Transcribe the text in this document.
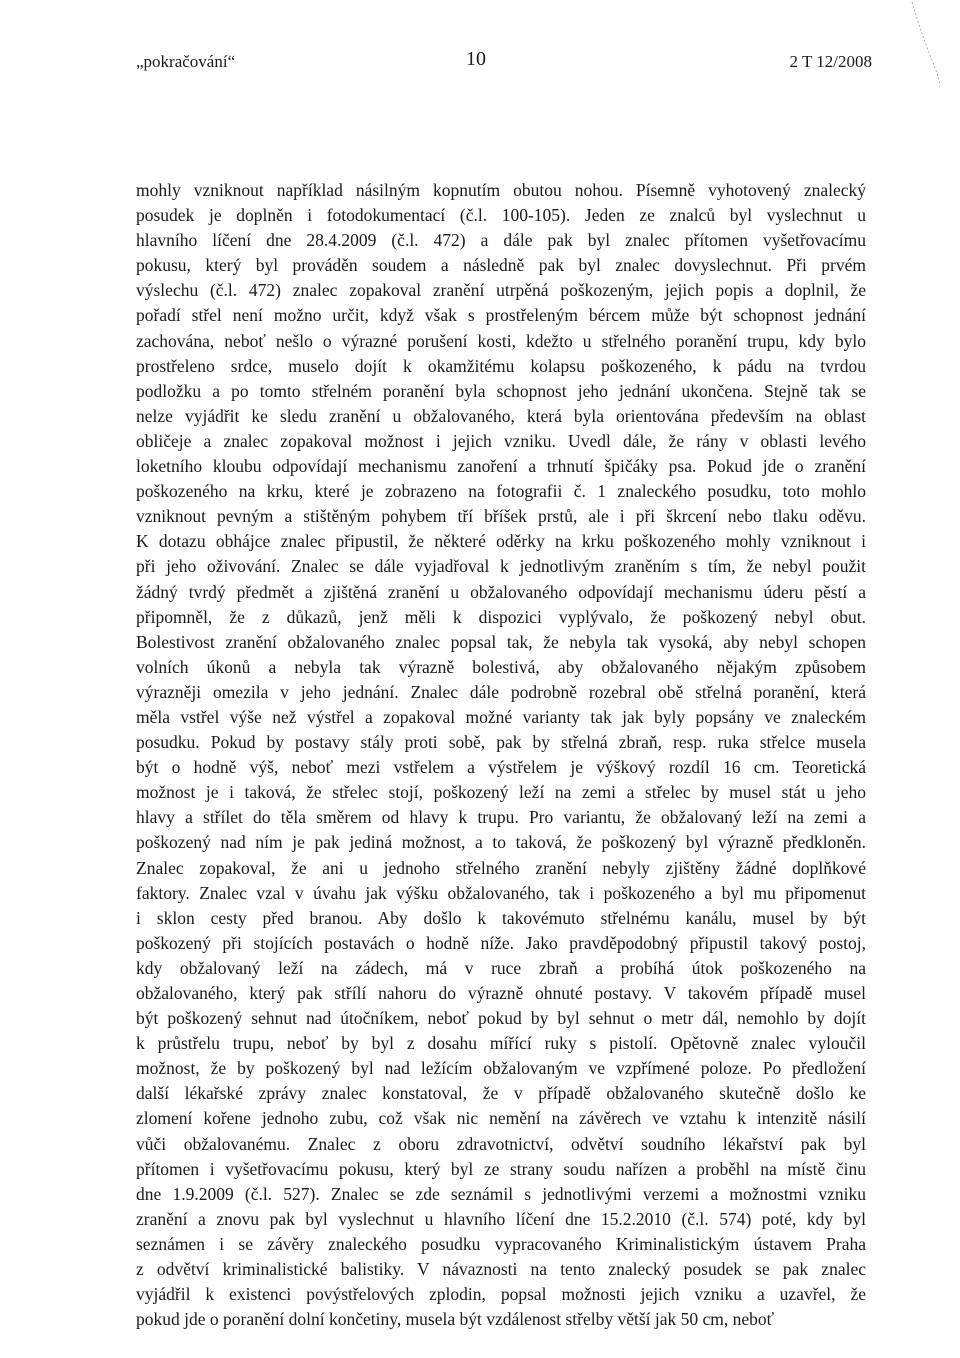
„pokračování“	10	2 T 12/2008
mohly vzniknout například násilným kopnutím obutou nohou. Písemně vyhotovený znalecký
posudek je doplněn i fotodokumentací (č.l. 100-105). Jeden ze znalců byl vyslechnut u
hlavního líčení dne 28.4.2009 (č.l. 472) a dále pak byl znalec přítomen vyšetřovacímu
pokusu, který byl prováděn soudem a následně pak byl znalec dovyslechnut. Při prvém
výslechu (č.l. 472) znalec zopakoval zranění utrpěná poškozeným, jejich popis a doplnil, že
pořadí střel není možno určit, když však s prostřeleným bércem může být schopnost jednání
zachována, neboť nešlo o výrazné porušení kosti, kdežto u střelného poranění trupu, kdy bylo
prostřeleno srdce, muselo dojít k okamžitému kolapsu poškozeného, k pádu na tvrdou
podložku a po tomto střelném poranění byla schopnost jeho jednání ukončena. Stejně tak se
nelze vyjádřit ke sledu zranění u obžalovaného, která byla orientována především na oblast
obličeje a znalec zopakoval možnost i jejich vzniku. Uvedl dále, že rány v oblasti levého
loketního kloubu odpovídají mechanismu zanoření a trhnutí špičáky psa. Pokud jde o zranění
poškozeného na krku, které je zobrazeno na fotografii č. 1 znaleckého posudku, toto mohlo
vzniknout pevným a stištěným pohybem tří bříšek prstů, ale i při škrcení nebo tlaku oděvu.
K dotazu obhájce znalec připustil, že některé oděrky na krku poškozeného mohly vzniknout i
při jeho oživování. Znalec se dále vyjadřoval k jednotlivým zraněním s tím, že nebyl použit
žádný tvrdý předmět a zjištěná zranění u obžalovaného odpovídají mechanismu úderu pěstí a
připomněl, že z důkazů, jenž měli k dispozici vyplývalo, že poškozený nebyl obut.
Bolestivost zranění obžalovaného znalec popsal tak, že nebyla tak vysoká, aby nebyl schopen
volních úkonů a nebyla tak výrazně bolestivá, aby obžalovaného nějakým způsobem
výrazněji omezila v jeho jednání. Znalec dále podrobně rozebral obě střelná poranění, která
měla vstřel výše než výstřel a zopakoval možné varianty tak jak byly popsány ve znaleckém
posudku. Pokud by postavy stály proti sobě, pak by střelná zbraň, resp. ruka střelce musela
být o hodně výš, neboť mezi vstřelem a výstřelem je výškový rozdíl 16 cm. Teoretická
možnost je i taková, že střelec stojí, poškozený leží na zemi a střelec by musel stát u jeho
hlavy a střílet do těla směrem od hlavy k trupu. Pro variantu, že obžalovaný leží na zemi a
poškozený nad ním je pak jediná možnost, a to taková, že poškozený byl výrazně předkloněn.
Znalec zopakoval, že ani u jednoho střelného zranění nebyly zjištěny žádné doplňkové
faktory. Znalec vzal v úvahu jak výšku obžalovaného, tak i poškozeného a byl mu připomenut
i sklon cesty před branou. Aby došlo k takovémuto střelnému kanálu, musel by být
poškozený při stojících postavách o hodně níže. Jako pravděpodobný připustil takový postoj,
kdy obžalovaný leží na zádech, má v ruce zbraň a probíhá útok poškozeného na
obžalovaného, který pak střílí nahoru do výrazně ohnuté postavy. V takovém případě musel
být poškozený sehnut nad útočníkem, neboť pokud by byl sehnut o metr dál, nemohlo by dojít
k průstřelu trupu, neboť by byl z dosahu mířící ruky s pistolí. Opětovně znalec vyloučil
možnost, že by poškozený byl nad ležícím obžalovaným ve vzpřímené poloze. Po předložení
další lékařské zprávy znalec konstatoval, že v případě obžalovaného skutečně došlo ke
zlomení kořene jednoho zubu, což však nic nemění na závěrech ve vztahu k intenzitě násilí
vůči obžalovanému. Znalec z oboru zdravotnictví, odvětví soudního lékařství pak byl
přítomen i vyšetřovacímu pokusu, který byl ze strany soudu nařízen a proběhl na místě činu
dne 1.9.2009 (č.l. 527). Znalec se zde seznámil s jednotlivými verzemi a možnostmi vzniku
zranění a znovu pak byl vyslechnut u hlavního líčení dne 15.2.2010 (č.l. 574) poté, kdy byl
seznámen i se závěry znaleckého posudku vypracovaného Kriminalistickým ústavem Praha
z odvětví kriminalistické balistiky. V návaznosti na tento znalecký posudek se pak znalec
vyjádřil k existenci povýstřelových zplodin, popsal možnosti jejich vzniku a uzavřel, že
pokud jde o poranění dolní končetiny, musela být vzdálenost střelby větší jak 50 cm, neboť
